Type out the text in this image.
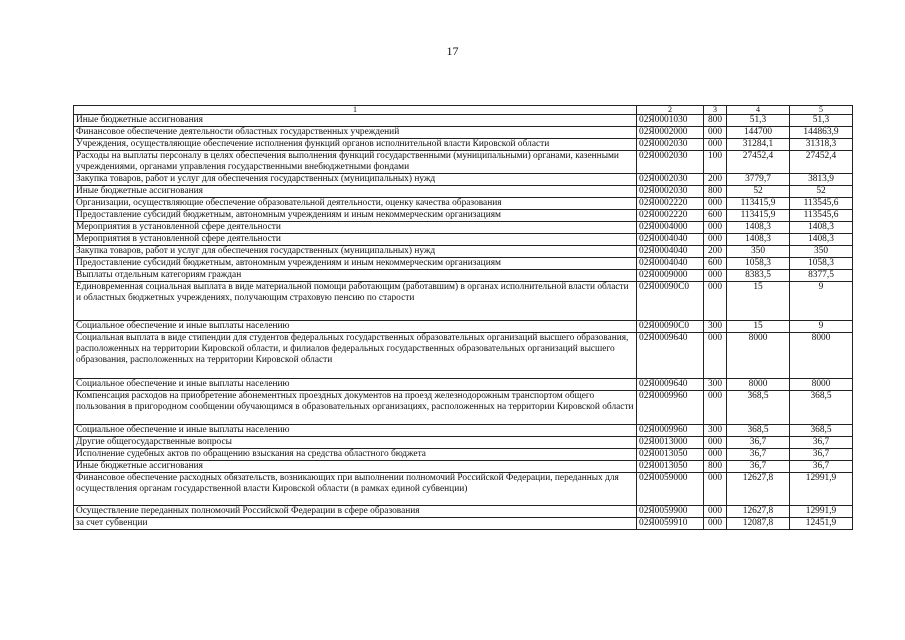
17
1	2	3	4	5
Иные бюджетные ассигнования	02Я0001030	800	51,3	51,3
Финансовое обеспечение деятельности областных государственных учреждений	02Я0002000	000	144700	144863,9
Учреждения, осуществляющие обеспечение исполнения функций органов исполнительной власти Кировской области	02Я0002030	000	31284,1	31318,3
Расходы на выплаты персоналу в целях обеспечения выполнения функций государственными (муниципальными) органами, казенными учреждениями, органами управления государственными внебюджетными фондами	02Я0002030	100	27452,4	27452,4
Закупка товаров, работ и услуг для обеспечения государственных (муниципальных) нужд	02Я0002030	200	3779,7	3813,9
Иные бюджетные ассигнования	02Я0002030	800	52	52
Организации, осуществляющие обеспечение образовательной деятельности, оценку качества образования	02Я0002220	000	113415,9	113545,6
Предоставление субсидий бюджетным, автономным учреждениям и иным некоммерческим организациям	02Я0002220	600	113415,9	113545,6
Мероприятия в установленной сфере деятельности	02Я0004000	000	1408,3	1408,3
Мероприятия в установленной сфере деятельности	02Я0004040	000	1408,3	1408,3
Закупка товаров, работ и услуг для обеспечения государственных (муниципальных) нужд	02Я0004040	200	350	350
Предоставление субсидий бюджетным, автономным учреждениям и иным некоммерческим организациям	02Я0004040	600	1058,3	1058,3
Выплаты отдельным категориям граждан	02Я0009000	000	8383,5	8377,5
Единовременная социальная выплата в виде материальной помощи работающим (работавшим) в органах исполнительной власти области и областных бюджетных учреждениях, получающим страховую пенсию по старости	02Я00090С0	000	15	9
Социальное обеспечение и иные выплаты населению	02Я00090С0	300	15	9
Социальная выплата в виде стипендии для студентов федеральных государственных образовательных организаций высшего образования, расположенных на территории Кировской области, и филиалов федеральных государственных образовательных организаций высшего образования, расположенных на территории Кировской области	02Я0009640	000	8000	8000
Социальное обеспечение и иные выплаты населению	02Я0009640	300	8000	8000
Компенсация расходов на приобретение абонементных проездных документов на проезд железнодорожным транспортом общего пользования в пригородном сообщении обучающимся в образовательных организациях, расположенных на территории Кировской области	02Я0009960	000	368,5	368,5
Социальное обеспечение и иные выплаты населению	02Я0009960	300	368,5	368,5
Другие общегосударственные вопросы	02Я0013000	000	36,7	36,7
Исполнение судебных актов по обращению взыскания на средства областного бюджета	02Я0013050	000	36,7	36,7
Иные бюджетные ассигнования	02Я0013050	800	36,7	36,7
Финансовое обеспечение расходных обязательств, возникающих при выполнении полномочий Российской Федерации, переданных для осуществления органам государственной власти Кировской области (в рамках единой субвенции)	02Я0059000	000	12627,8	12991,9
Осуществление переданных полномочий Российской Федерации в сфере образования	02Я0059900	000	12627,8	12991,9
за счет субвенции	02Я0059910	000	12087,8	12451,9
